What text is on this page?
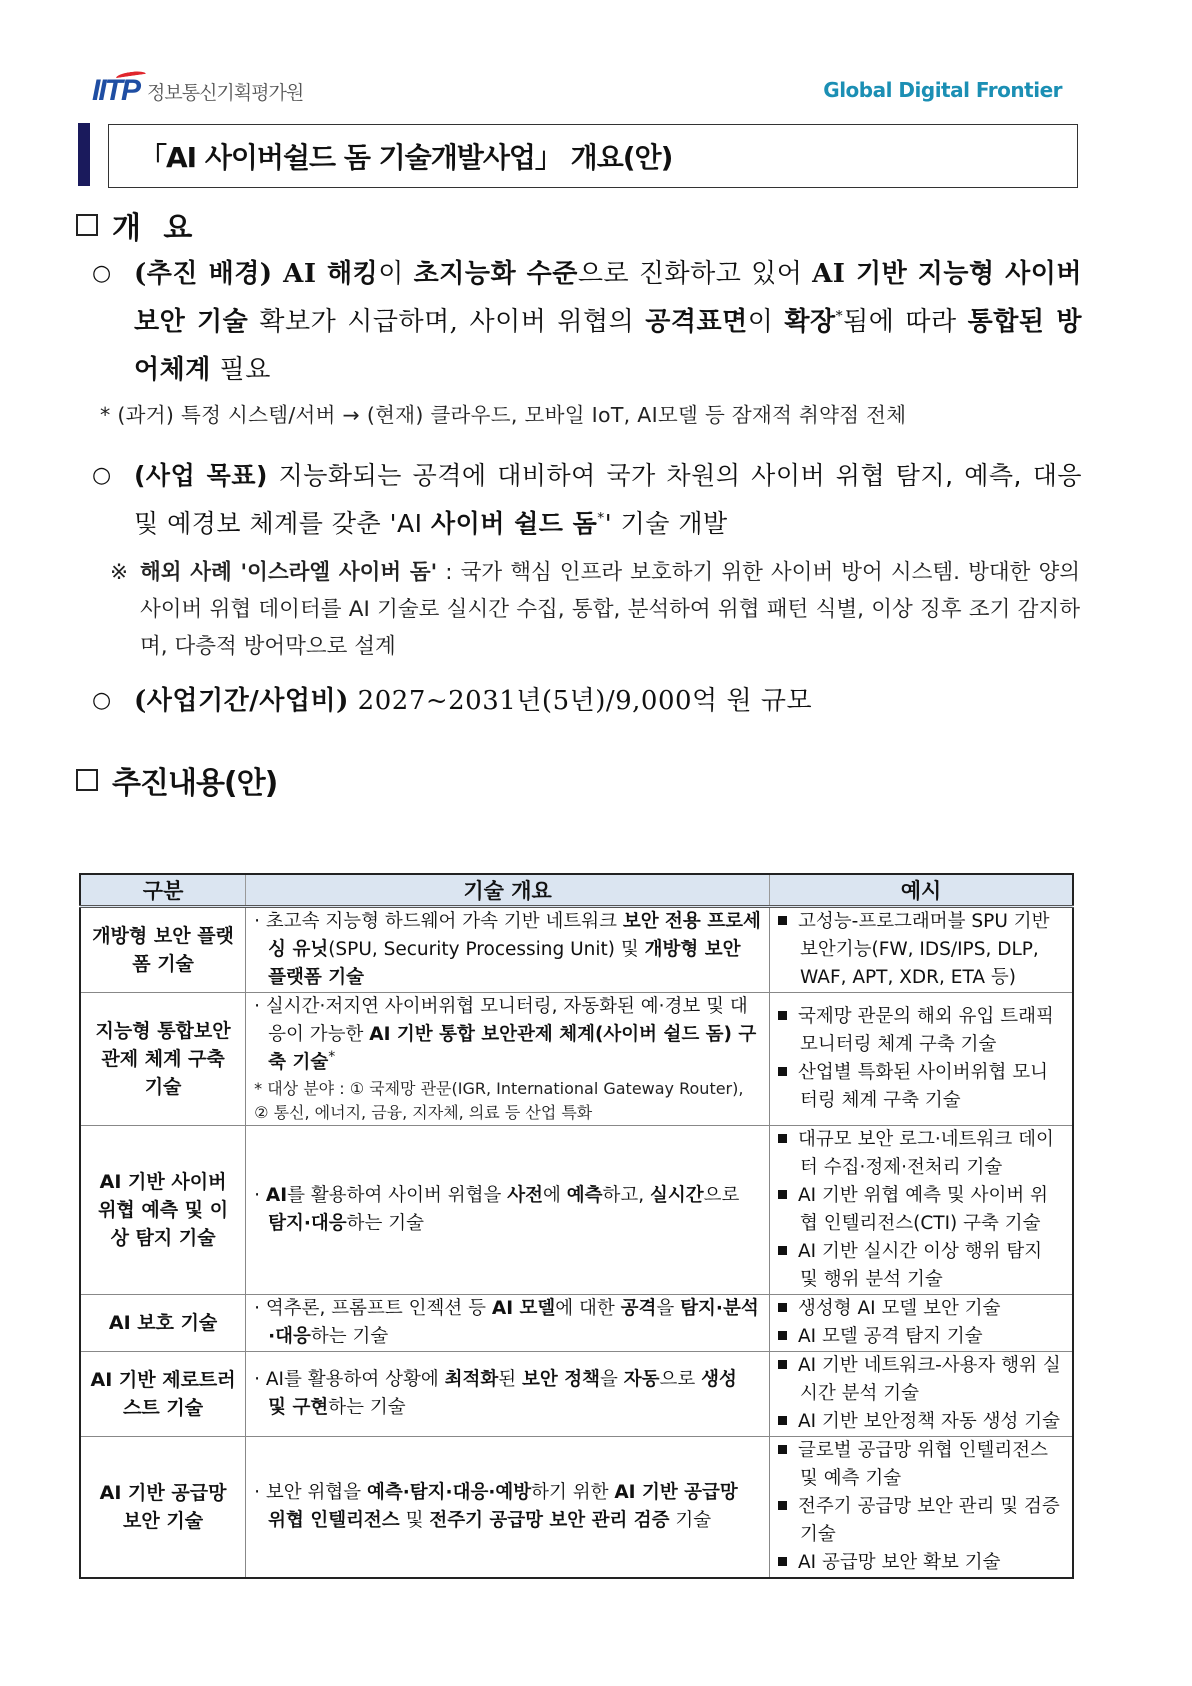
IITP 정보통신기획평가원	Global Digital Frontier
「AI 사이버쉴드 돔 기술개발사업」 개요(안)
개 요
○ (추진 배경) AI 해킹이 초지능화 수준으로 진화하고 있어 AI 기반 지능형 사이버 보안 기술 확보가 시급하며, 사이버 위협의 공격표면이 확장*됨에 따라 통합된 방어체계 필요
* (과거) 특정 시스템/서버 → (현재) 클라우드, 모바일 IoT, AI모델 등 잠재적 취약점 전체
○ (사업 목표) 지능화되는 공격에 대비하여 국가 차원의 사이버 위협 탐지, 예측, 대응 및 예경보 체계를 갖춘 'AI 사이버 쉴드 돔*' 기술 개발
※ 해외 사례 '이스라엘 사이버 돔' : 국가 핵심 인프라 보호하기 위한 사이버 방어 시스템. 방대한 양의 사이버 위협 데이터를 AI 기술로 실시간 수집, 통합, 분석하여 위협 패턴 식별, 이상 징후 조기 감지하며, 다층적 방어막으로 설계
○ (사업기간/사업비) 2027~2031년(5년)/9,000억 원 규모
추진내용(안)
구분	기술 개요	예시
개방형 보안 플랫폼 기술	· 초고속 지능형 하드웨어 가속 기반 네트워크 보안 전용 프로세싱 유닛(SPU, Security Processing Unit) 및 개방형 보안 플랫폼 기술	고성능-프로그래머블 SPU 기반 보안기능(FW, IDS/IPS, DLP, WAF, APT, XDR, ETA 등)

지능형 통합보안 관제 체계 구축 기술	· 실시간·저지연 사이버위협 모니터링, 자동화된 예·경보 및 대응이 가능한 AI 기반 통합 보안관제 체계(사이버 쉴드 돔) 구축 기술*
* 대상 분야 : ① 국제망 관문(IGR, International Gateway Router),
② 통신, 에너지, 금융, 지자체, 의료 등 산업 특화	국제망 관문의 해외 유입 트래픽 모니터링 체계 구축 기술
산업별 특화된 사이버위협 모니터링 체계 구축 기술

AI 기반 사이버 위협 예측 및 이상 탐지 기술	· AI를 활용하여 사이버 위협을 사전에 예측하고, 실시간으로 탐지·대응하는 기술	대규모 보안 로그·네트워크 데이터 수집·정제·전처리 기술
AI 기반 위협 예측 및 사이버 위협 인텔리전스(CTI) 구축 기술
AI 기반 실시간 이상 행위 탐지 및 행위 분석 기술

AI 보호 기술	· 역추론, 프롬프트 인젝션 등 AI 모델에 대한 공격을 탐지·분석·대응하는 기술	생성형 AI 모델 보안 기술
AI 모델 공격 탐지 기술

AI 기반 제로트러스트 기술	· AI를 활용하여 상황에 최적화된 보안 정책을 자동으로 생성 및 구현하는 기술	AI 기반 네트워크-사용자 행위 실시간 분석 기술
AI 기반 보안정책 자동 생성 기술

AI 기반 공급망 보안 기술	· 보안 위협을 예측·탐지·대응·예방하기 위한 AI 기반 공급망 위협 인텔리전스 및 전주기 공급망 보안 관리 검증 기술	글로벌 공급망 위협 인텔리전스 및 예측 기술
전주기 공급망 보안 관리 및 검증 기술
AI 공급망 보안 확보 기술
